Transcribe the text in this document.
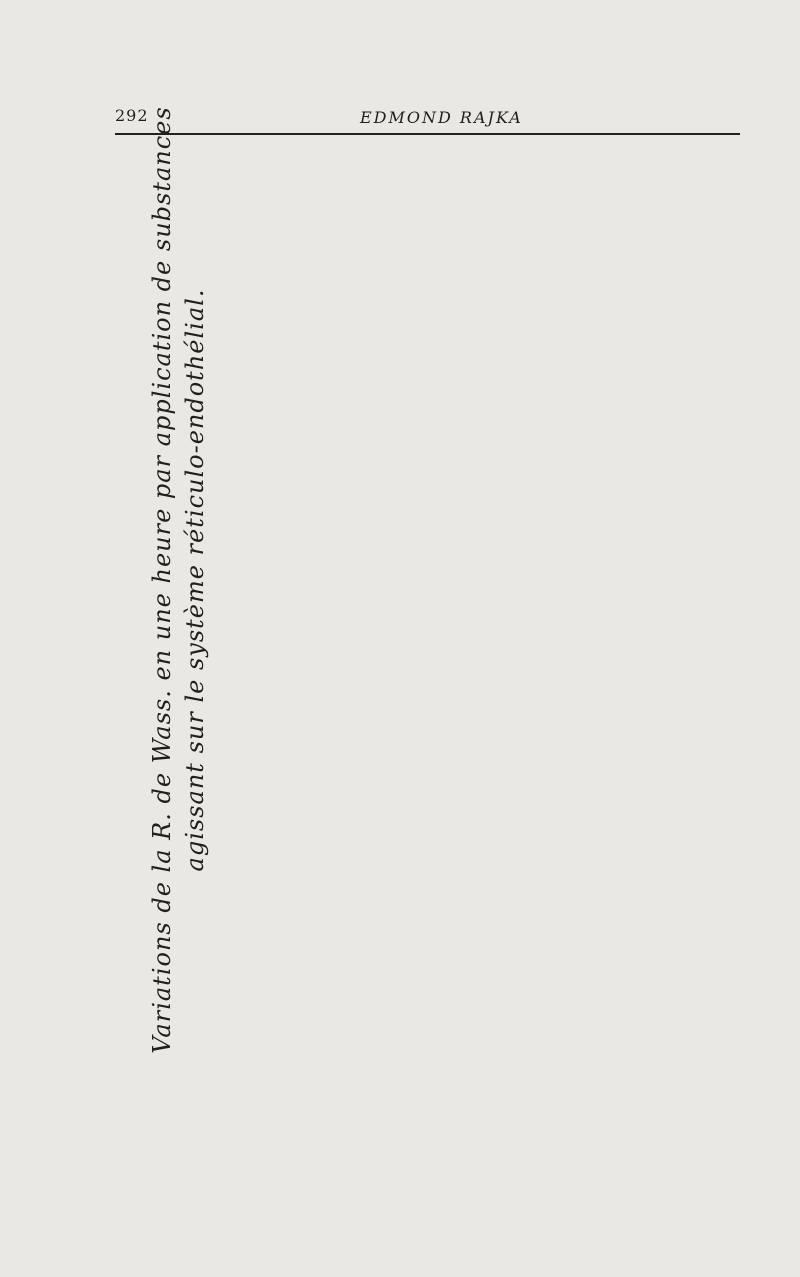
292	EDMOND RAJKA
Variations de la R. de Wass. en une heure par application de substances agissant sur le système réticulo-endothélial.
